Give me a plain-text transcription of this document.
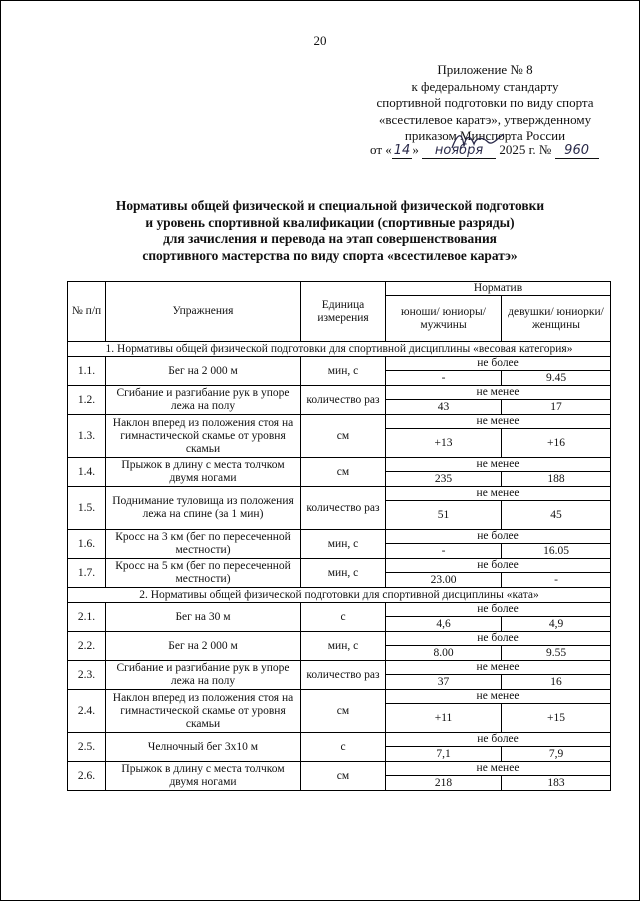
20
Приложение № 8
к федеральному стандарту
спортивной подготовки по виду спорта
«всестилевое каратэ», утвержденному
приказом Минспорта России
от « 14 » ноября 2025 г. № 960
Нормативы общей физической и специальной физической подготовки
и уровень спортивной квалификации (спортивные разряды)
для зачисления и перевода на этап совершенствования
спортивного мастерства по виду спорта «всестилевое каратэ»
№ п/п	Упражнения	Единица измерения	Норматив	
			юноши/ юниоры/ мужчины	девушки/ юниорки/ женщины
1. Нормативы общей физической подготовки для спортивной дисциплины «весовая категория»				
1.1.	Бег на 2 000 м	мин, с	не более	
			-	9.45
1.2.	Сгибание и разгибание рук в упоре лежа на полу	количество раз	не менее	
			43	17
1.3.	Наклон вперед из положения стоя на гимнастической скамье от уровня скамьи	см	не менее	
			+13	+16
1.4.	Прыжок в длину с места толчком двумя ногами	см	не менее	
			235	188
1.5.	Поднимание туловища из положения лежа на спине (за 1 мин)	количество раз	не менее	
			51	45
1.6.	Кросс на 3 км (бег по пересеченной местности)	мин, с	не более	
			-	16.05
1.7.	Кросс на 5 км (бег по пересеченной местности)	мин, с	не более	
			23.00	-
2. Нормативы общей физической подготовки для спортивной дисциплины «ката»				
2.1.	Бег на 30 м	с	не более	
			4,6	4,9
2.2.	Бег на 2 000 м	мин, с	не более	
			8.00	9.55
2.3.	Сгибание и разгибание рук в упоре лежа на полу	количество раз	не менее	
			37	16
2.4.	Наклон вперед из положения стоя на гимнастической скамье от уровня скамьи	см	не менее	
			+11	+15
2.5.	Челночный бег 3x10 м	с	не более	
			7,1	7,9
2.6.	Прыжок в длину с места толчком двумя ногами	см	не менее	
			218	183
